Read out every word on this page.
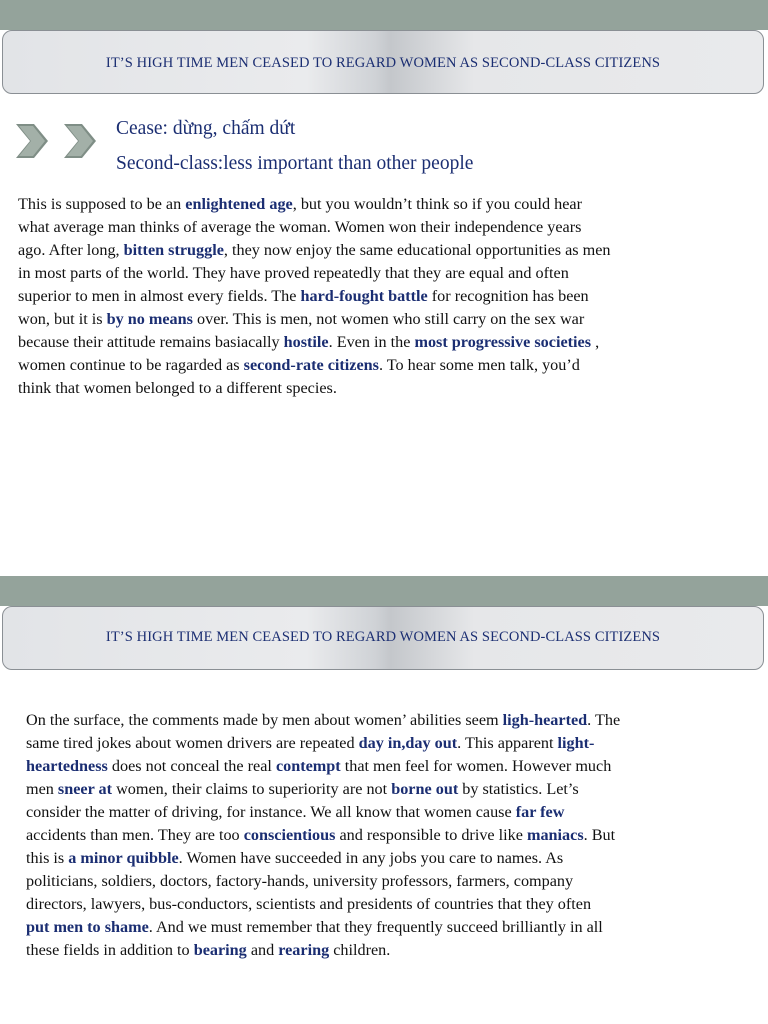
IT’S HIGH TIME MEN CEASED TO REGARD WOMEN AS SECOND-CLASS CITIZENS
Cease: dừng, chấm dứt
Second-class:less important than other people
This is supposed to be an enlightened age, but you wouldn’t think so if you could hear
what average man thinks of average the woman. Women won their independence years
ago. After long, bitten struggle, they now enjoy the same educational opportunities as men
in most parts of the world. They have proved repeatedly that they are equal and often
superior to men in almost every fields. The hard-fought battle for recognition has been
won, but it is by no means over. This is men, not women who still carry on the sex war
because their attitude remains basiacally hostile. Even in the most progressive societies ,
women continue to be ragarded as second-rate citizens. To hear some men talk, you’d
think that women belonged to a different species.
IT’S HIGH TIME MEN CEASED TO REGARD WOMEN AS SECOND-CLASS CITIZENS
On the surface, the comments made by men about women’ abilities seem ligh-hearted. The
same tired jokes about women drivers are repeated day in,day out. This apparent light-
heartedness does not conceal the real contempt that men feel for women. However much
men sneer at women, their claims to superiority are not borne out by statistics. Let’s
consider the matter of driving, for instance. We all know that women cause far few
accidents than men. They are too conscientious and responsible to drive like maniacs. But
this is a minor quibble. Women have succeeded in any jobs you care to names. As
politicians, soldiers, doctors, factory-hands, university professors, farmers, company
directors, lawyers, bus-conductors, scientists and presidents of countries that they often
put men to shame. And we must remember that they frequently succeed brilliantly in all
these fields in addition to bearing and rearing children.
